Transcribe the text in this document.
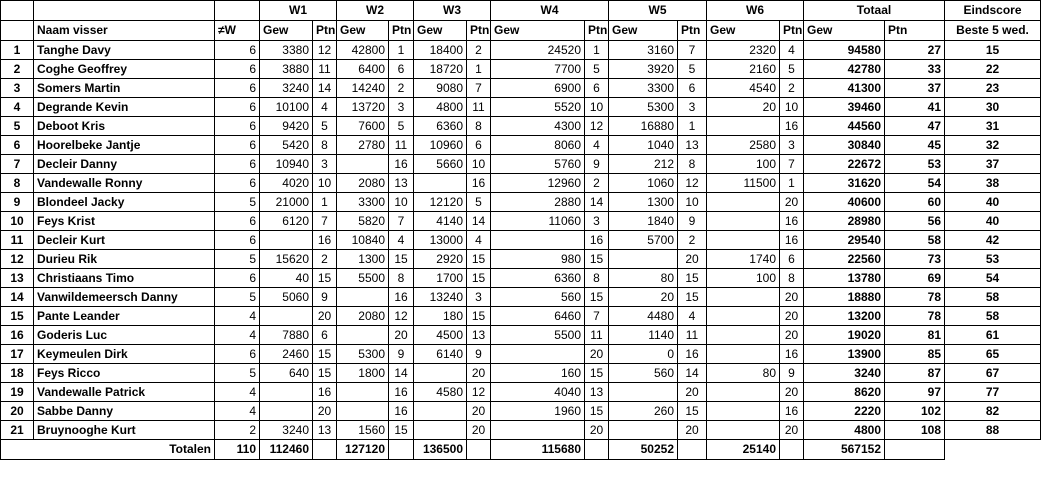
			W1		W2		W3		W4		W5		W6		Totaal		Eindscore
	Naam visser	≠W	Gew	Ptn	Gew	Ptn	Gew	Ptn	Gew	Ptn	Gew	Ptn	Gew	Ptn	Gew	Ptn	Beste 5 wed.
1	Tanghe Davy	6	3380	12	42800	1	18400	2	24520	1	3160	7	2320	4	94580	27	15
2	Coghe Geoffrey	6	3880	11	6400	6	18720	1	7700	5	3920	5	2160	5	42780	33	22
3	Somers Martin	6	3240	14	14240	2	9080	7	6900	6	3300	6	4540	2	41300	37	23
4	Degrande Kevin	6	10100	4	13720	3	4800	11	5520	10	5300	3	20	10	39460	41	30
5	Deboot Kris	6	9420	5	7600	5	6360	8	4300	12	16880	1		16	44560	47	31
6	Hoorelbeke Jantje	6	5420	8	2780	11	10960	6	8060	4	1040	13	2580	3	30840	45	32
7	Decleir Danny	6	10940	3		16	5660	10	5760	9	212	8	100	7	22672	53	37
8	Vandewalle Ronny	6	4020	10	2080	13		16	12960	2	1060	12	11500	1	31620	54	38
9	Blondeel Jacky	5	21000	1	3300	10	12120	5	2880	14	1300	10		20	40600	60	40
10	Feys Krist	6	6120	7	5820	7	4140	14	11060	3	1840	9		16	28980	56	40
11	Decleir Kurt	6		16	10840	4	13000	4		16	5700	2		16	29540	58	42
12	Durieu Rik	5	15620	2	1300	15	2920	15	980	15		20	1740	6	22560	73	53
13	Christiaans Timo	6	40	15	5500	8	1700	15	6360	8	80	15	100	8	13780	69	54
14	Vanwildemeersch Danny	5	5060	9		16	13240	3	560	15	20	15		20	18880	78	58
15	Pante Leander	4		20	2080	12	180	15	6460	7	4480	4		20	13200	78	58
16	Goderis Luc	4	7880	6		20	4500	13	5500	11	1140	11		20	19020	81	61
17	Keymeulen Dirk	6	2460	15	5300	9	6140	9		20	0	16		16	13900	85	65
18	Feys Ricco	5	640	15	1800	14		20	160	15	560	14	80	9	3240	87	67
19	Vandewalle Patrick	4		16		16	4580	12	4040	13		20		20	8620	97	77
20	Sabbe Danny	4		20		16		20	1960	15	260	15		16	2220	102	82
21	Bruynooghe Kurt	2	3240	13	1560	15		20		20		20		20	4800	108	88
Totalen		110	112460		127120		136500		115680		50252		25140		567152		
